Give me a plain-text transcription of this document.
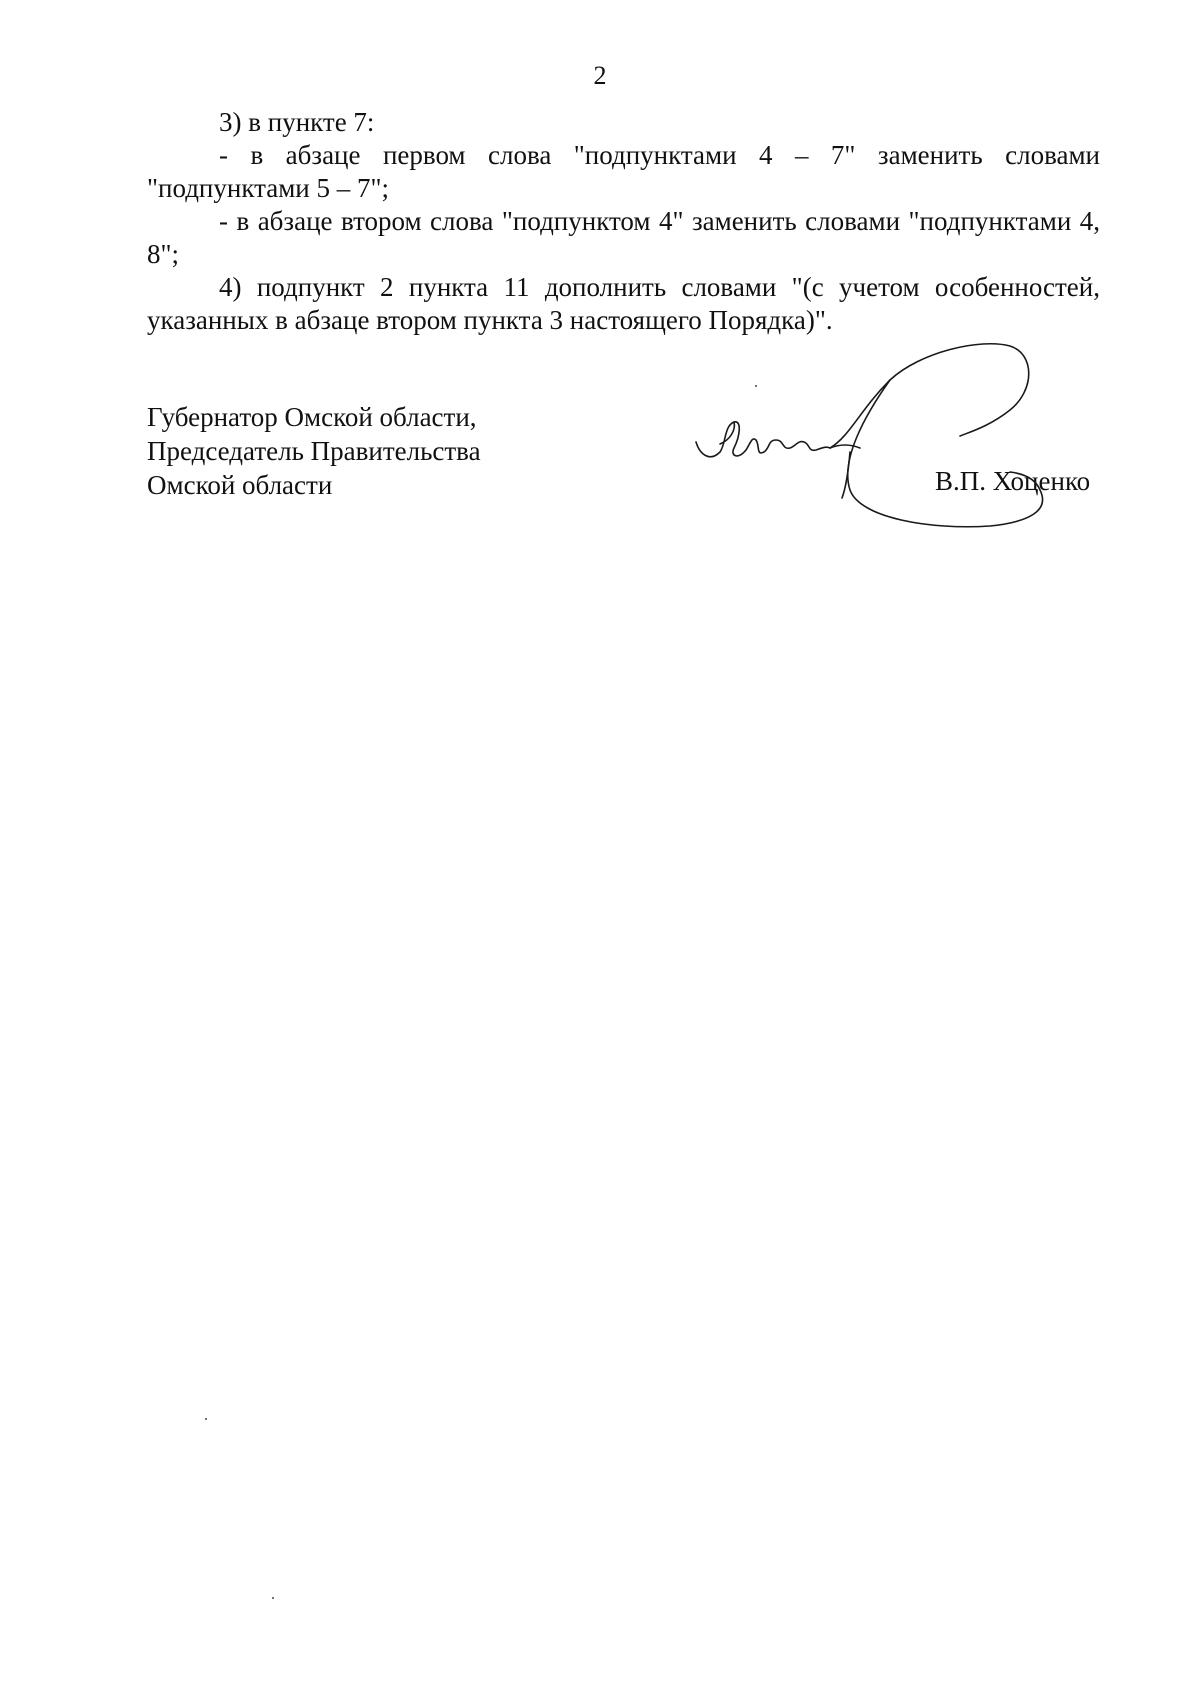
2

3) в пункте 7:

- в абзаце первом слова "подпунктами 4 – 7" заменить словами "подпунктами 5 – 7";

- в абзаце втором слова "подпунктом 4" заменить словами "подпунктами 4, 8";

4) подпункт 2 пункта 11 дополнить словами "(с учетом особенностей, указанных в абзаце втором пункта 3 настоящего Порядка)".

Губернатор Омской области,
Председатель Правительства
Омской области	В.П. Хоценко
